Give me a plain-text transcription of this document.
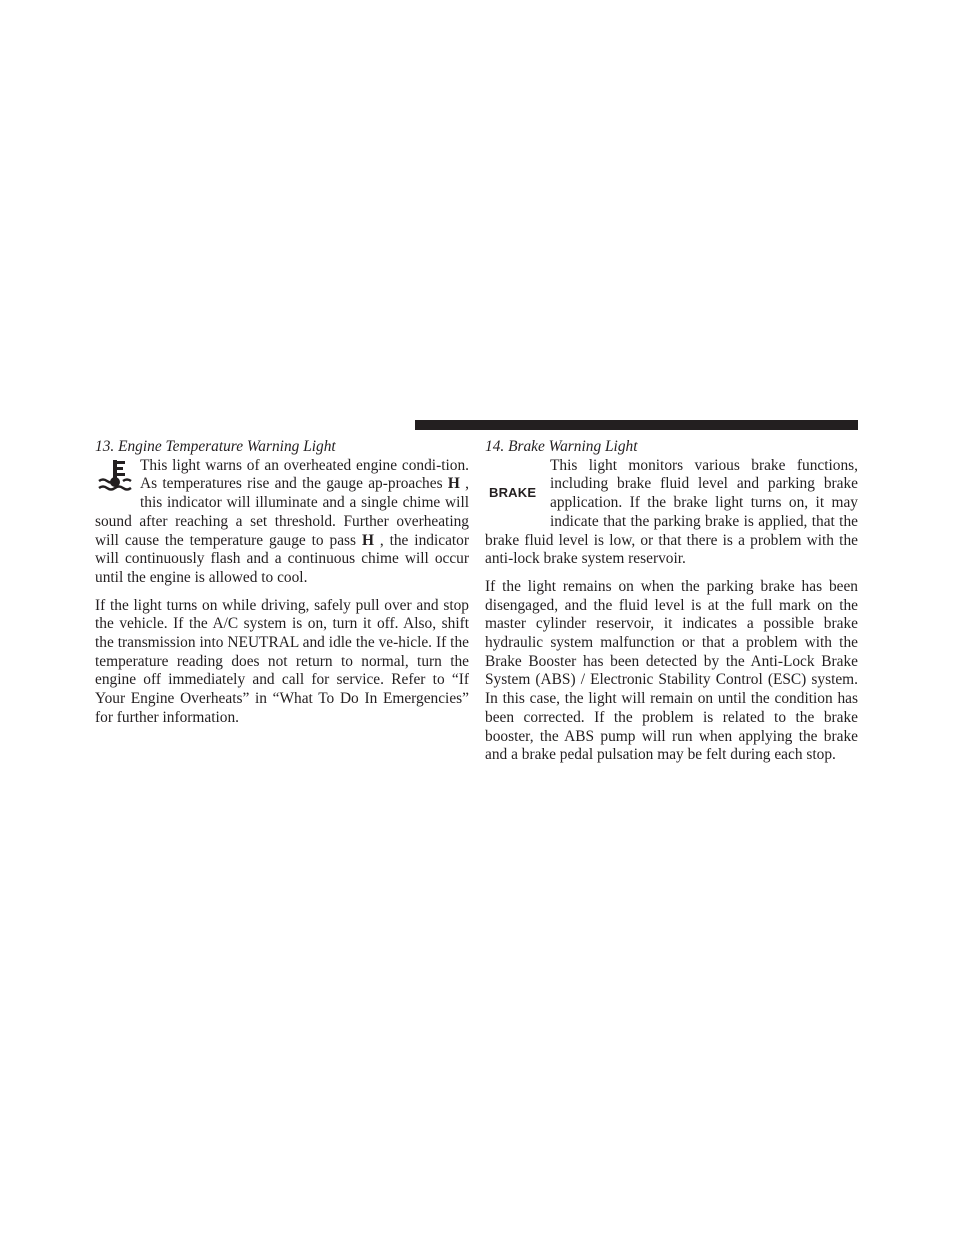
13. Engine Temperature Warning Light

This light warns of an overheated engine condi-tion. As temperatures rise and the gauge ap-proaches H , this indicator will illuminate and a single chime will sound after reaching a set threshold. Further overheating will cause the temperature gauge to pass H , the indicator will continuously flash and a continuous chime will occur until the engine is allowed to cool.

If the light turns on while driving, safely pull over and stop the vehicle. If the A/C system is on, turn it off. Also, shift the transmission into NEUTRAL and idle the ve-hicle. If the temperature reading does not return to normal, turn the engine off immediately and call for service. Refer to “If Your Engine Overheats” in “What To Do In Emergencies” for further information.

14. Brake Warning Light

BRAKE
This light monitors various brake functions, including brake fluid level and parking brake application. If the brake light turns on, it may indicate that the parking brake is applied, that the brake fluid level is low, or that there is a problem with the anti-lock brake system reservoir.

If the light remains on when the parking brake has been disengaged, and the fluid level is at the full mark on the master cylinder reservoir, it indicates a possible brake hydraulic system malfunction or that a problem with the Brake Booster has been detected by the Anti-Lock Brake System (ABS) / Electronic Stability Control (ESC) system. In this case, the light will remain on until the condition has been corrected. If the problem is related to the brake booster, the ABS pump will run when applying the brake and a brake pedal pulsation may be felt during each stop.
